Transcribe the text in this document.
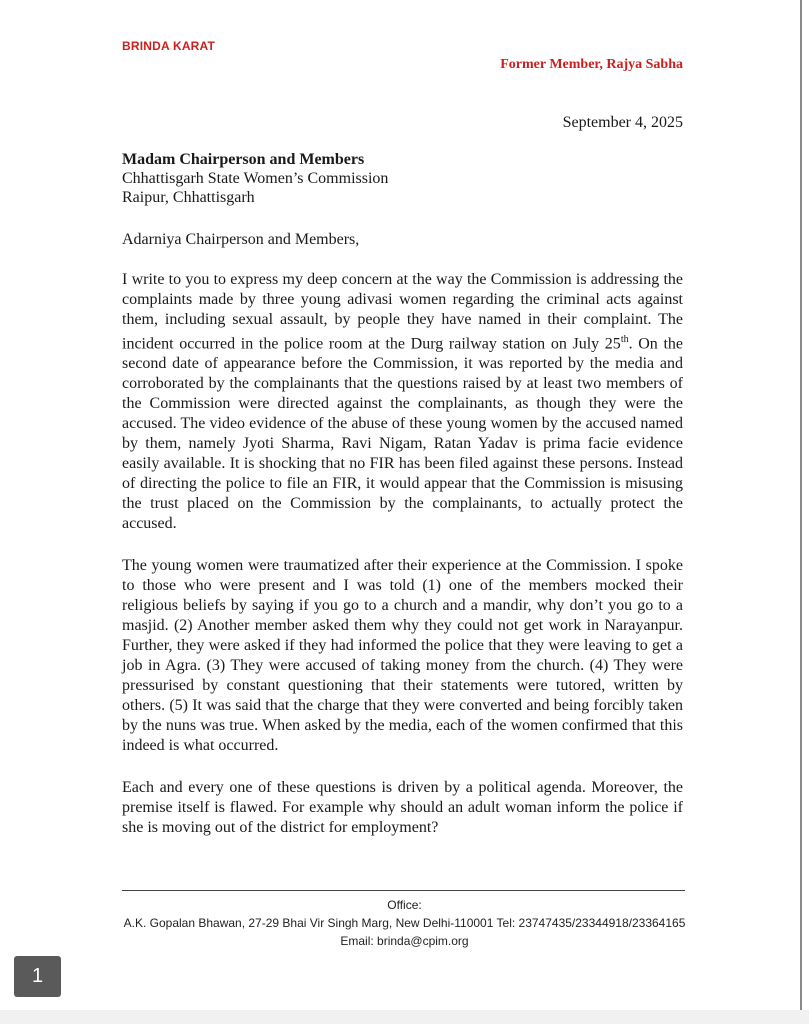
BRINDA KARAT
Former Member, Rajya Sabha
September 4, 2025
Madam Chairperson and Members
Chhattisgarh State Women’s Commission
Raipur, Chhattisgarh
Adarniya Chairperson and Members,

I write to you to express my deep concern at the way the Commission is addressing the complaints made by three young adivasi women regarding the criminal acts against them, including sexual assault, by people they have named in their complaint. The incident occurred in the police room at the Durg railway station on July 25th. On the second date of appearance before the Commission, it was reported by the media and corroborated by the complainants that the questions raised by at least two members of the Commission were directed against the complainants, as though they were the accused. The video evidence of the abuse of these young women by the accused named by them, namely Jyoti Sharma, Ravi Nigam, Ratan Yadav is prima facie evidence easily available. It is shocking that no FIR has been filed against these persons. Instead of directing the police to file an FIR, it would appear that the Commission is misusing the trust placed on the Commission by the complainants, to actually protect the accused.

The young women were traumatized after their experience at the Commission. I spoke to those who were present and I was told (1) one of the members mocked their religious beliefs by saying if you go to a church and a mandir, why don’t you go to a masjid. (2) Another member asked them why they could not get work in Narayanpur. Further, they were asked if they had informed the police that they were leaving to get a job in Agra. (3) They were accused of taking money from the church. (4) They were pressurised by constant questioning that their statements were tutored, written by others. (5) It was said that the charge that they were converted and being forcibly taken by the nuns was true. When asked by the media, each of the women confirmed that this indeed is what occurred.

Each and every one of these questions is driven by a political agenda. Moreover, the premise itself is flawed. For example why should an adult woman inform the police if she is moving out of the district for employment?

Office:
A.K. Gopalan Bhawan, 27-29 Bhai Vir Singh Marg, New Delhi-110001 Tel: 23747435/23344918/23364165
Email: brinda@cpim.org
1
